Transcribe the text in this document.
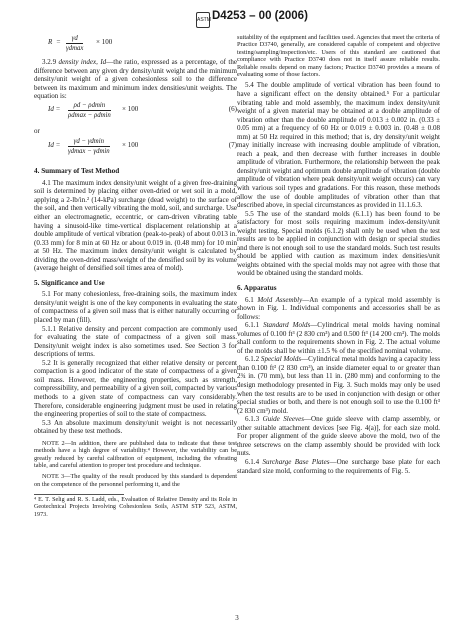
ASTM D4253 – 00 (2006)
R =	γd
γdmax
× 100

3.2.9 density index, Id—the ratio, expressed as a percentage, of the difference between any given dry density/unit weight and the minimum density/unit weight of a given cohesionless soil to the difference between its maximum and minimum index densities/unit weights. The equation is:

Id =	ρd − ρdmin
ρdmax − ρdmin
× 100	(6)
or
Id =	γd − γdmin
γdmax − γdmin
× 100	(7)
4. Summary of Test Method

4.1 The maximum index density/unit weight of a given free-draining soil is determined by placing either oven-dried or wet soil in a mold, applying a 2-lb/in.² (14-kPa) surcharge (dead weight) to the surface of the soil, and then vertically vibrating the mold, soil, and surcharge. Use either an electromagnetic, eccentric, or cam-driven vibrating table having a sinusoid-like time-vertical displacement relationship at a double amplitude of vertical vibration (peak-to-peak) of about 0.013 in. (0.33 mm) for 8 min at 60 Hz or about 0.019 in. (0.48 mm) for 10 min at 50 Hz. The maximum index density/unit weight is calculated by dividing the oven-dried mass/weight of the densified soil by its volume (average height of densified soil times area of mold).

5. Significance and Use

5.1 For many cohesionless, free-draining soils, the maximum index density/unit weight is one of the key components in evaluating the state of compactness of a given soil mass that is either naturally occurring or placed by man (fill).

5.1.1 Relative density and percent compaction are commonly used for evaluating the state of compactness of a given soil mass. Density/unit weight index is also sometimes used. See Section 3 for descriptions of terms.

5.2 It is generally recognized that either relative density or percent compaction is a good indicator of the state of compactness of a given soil mass. However, the engineering properties, such as strength, compressibility, and permeability of a given soil, compacted by various methods to a given state of compactness can vary considerably. Therefore, considerable engineering judgment must be used in relating the engineering properties of soil to the state of compactness.

5.3 An absolute maximum density/unit weight is not necessarily obtained by these test methods.

NOTE 2—In addition, there are published data to indicate that these test methods have a high degree of variability.⁴ However, the variability can be greatly reduced by careful calibration of equipment, including the vibrating table, and careful attention to proper test procedure and technique.

NOTE 3—The quality of the result produced by this standard is dependent on the competence of the personnel performing it, and the

⁴ E. T. Selig and R. S. Ladd, eds., Evaluation of Relative Density and its Role in Geotechnical Projects Involving Cohesionless Soils, ASTM STP 523, ASTM, 1973.

suitability of the equipment and facilities used. Agencies that meet the criteria of Practice D3740, generally, are considered capable of competent and objective testing/sampling/inspection/etc. Users of this standard are cautioned that compliance with Practice D3740 does not in itself assure reliable results. Reliable results depend on many factors; Practice D3740 provides a means of evaluating some of those factors.

5.4 The double amplitude of vertical vibration has been found to have a significant effect on the density obtained.⁵ For a particular vibrating table and mold assembly, the maximum index density/unit weight of a given material may be obtained at a double amplitude of vibration other than the double amplitude of 0.013 ± 0.002 in. (0.33 ± 0.05 mm) at a frequency of 60 Hz or 0.019 ± 0.003 in. (0.48 ± 0.08 mm) at 50 Hz required in this method; that is, dry density/unit weight may initially increase with increasing double amplitude of vibration, reach a peak, and then decrease with further increases in double amplitude of vibration. Furthermore, the relationship between the peak density/unit weight and optimum double amplitude of vibration (double amplitude of vibration where peak density/unit weight occurs) can vary with various soil types and gradations. For this reason, these methods allow the use of double amplitudes of vibration other than that described above, in special circumstances as provided in 11.1.6.3.

5.5 The use of the standard molds (6.1.1) has been found to be satisfactory for most soils requiring maximum index-density/unit weight testing. Special molds (6.1.2) shall only be used when the test results are to be applied in conjunction with design or special studies and there is not enough soil to use the standard molds. Such test results should be applied with caution as maximum index densities/unit weights obtained with the special molds may not agree with those that would be obtained using the standard molds.

6. Apparatus

6.1 Mold Assembly—An example of a typical mold assembly is shown in Fig. 1. Individual components and accessories shall be as follows:

6.1.1 Standard Molds—Cylindrical metal molds having nominal volumes of 0.100 ft³ (2 830 cm³) and 0.500 ft³ (14 200 cm³). The molds shall conform to the requirements shown in Fig. 2. The actual volume of the molds shall be within ±1.5 % of the specified nominal volume.

6.1.2 Special Molds—Cylindrical metal molds having a capacity less than 0.100 ft³ (2 830 cm³), an inside diameter equal to or greater than 2¾ in. (70 mm), but less than 11 in. (280 mm) and conforming to the design methodology presented in Fig. 3. Such molds may only be used when the test results are to be used in conjunction with design or other special studies or both, and there is not enough soil to use the 0.100 ft³ (2 830 cm³) mold.

6.1.3 Guide Sleeves—One guide sleeve with clamp assembly, or other suitable attachment devices [see Fig. 4(a)], for each size mold. For proper alignment of the guide sleeve above the mold, two of the three setscrews on the clamp assembly should be provided with lock nuts.

6.1.4 Surcharge Base Plates—One surcharge base plate for each standard size mold, conforming to the requirements of Fig. 5.

3
